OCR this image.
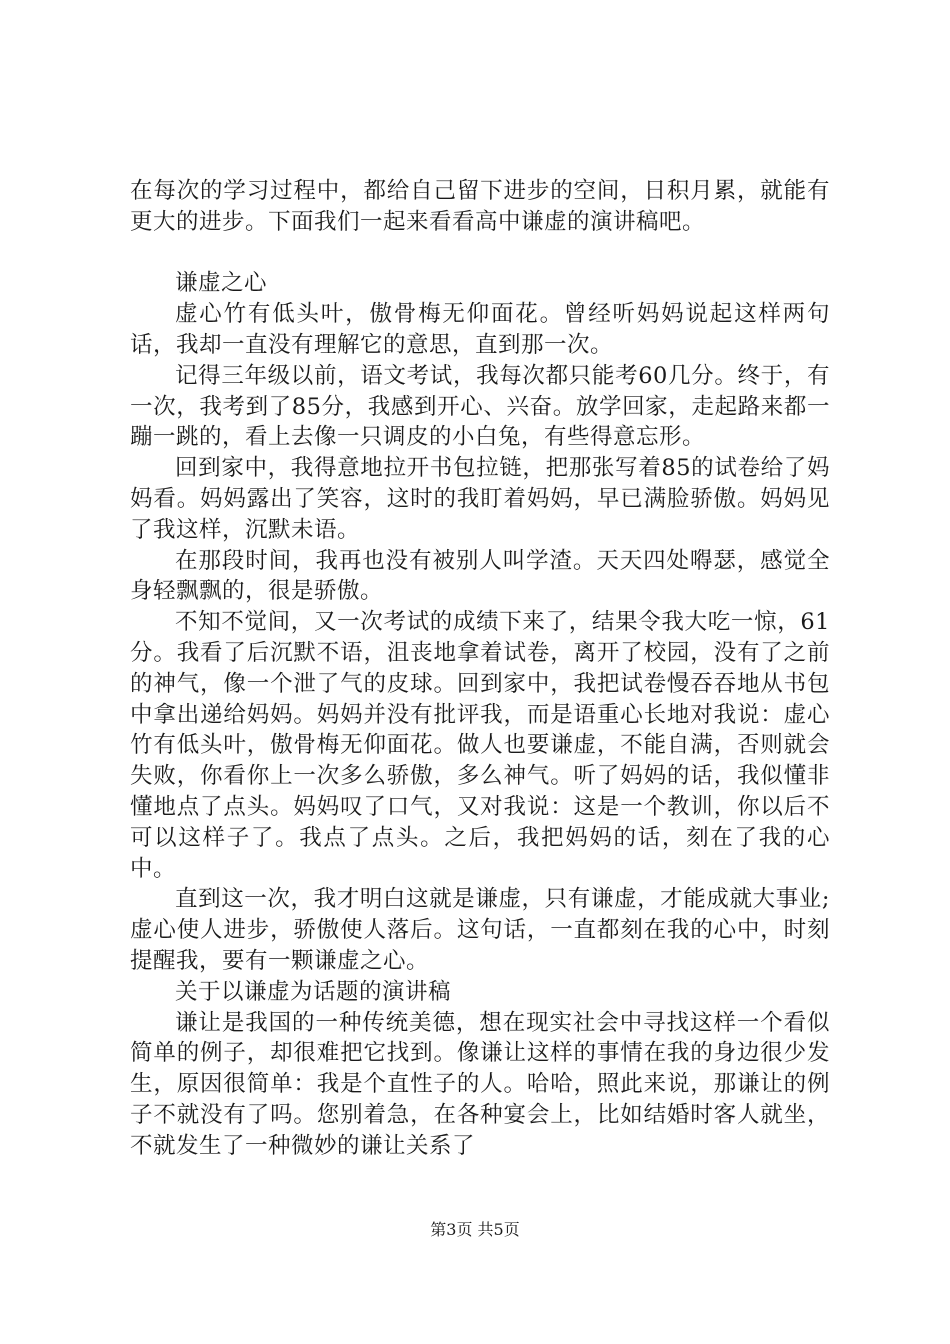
在每次的学习过程中，都给自己留下进步的空间，日积月累，就能有更大的进步。下面我们一起来看看高中谦虚的演讲稿吧。

谦虚之心

虚心竹有低头叶，傲骨梅无仰面花。曾经听妈妈说起这样两句话，我却一直没有理解它的意思，直到那一次。

记得三年级以前，语文考试，我每次都只能考60几分。终于，有一次，我考到了85分，我感到开心、兴奋。放学回家，走起路来都一蹦一跳的，看上去像一只调皮的小白兔，有些得意忘形。

回到家中，我得意地拉开书包拉链，把那张写着85的试卷给了妈妈看。妈妈露出了笑容，这时的我盯着妈妈，早已满脸骄傲。妈妈见了我这样，沉默未语。

在那段时间，我再也没有被别人叫学渣。天天四处嘚瑟，感觉全身轻飘飘的，很是骄傲。

不知不觉间，又一次考试的成绩下来了，结果令我大吃一惊，61分。我看了后沉默不语，沮丧地拿着试卷，离开了校园，没有了之前的神气，像一个泄了气的皮球。回到家中，我把试卷慢吞吞地从书包中拿出递给妈妈。妈妈并没有批评我，而是语重心长地对我说：虚心竹有低头叶，傲骨梅无仰面花。做人也要谦虚，不能自满，否则就会失败，你看你上一次多么骄傲，多么神气。听了妈妈的话，我似懂非懂地点了点头。妈妈叹了口气，又对我说：这是一个教训，你以后不可以这样子了。我点了点头。之后，我把妈妈的话，刻在了我的心中。

直到这一次，我才明白这就是谦虚，只有谦虚，才能成就大事业;虚心使人进步，骄傲使人落后。这句话，一直都刻在我的心中，时刻提醒我，要有一颗谦虚之心。

关于以谦虚为话题的演讲稿

谦让是我国的一种传统美德，想在现实社会中寻找这样一个看似简单的例子，却很难把它找到。像谦让这样的事情在我的身边很少发生，原因很简单：我是个直性子的人。哈哈，照此来说，那谦让的例子不就没有了吗。您别着急，在各种宴会上，比如结婚时客人就坐，不就发生了一种微妙的谦让关系了

第3页 共5页
